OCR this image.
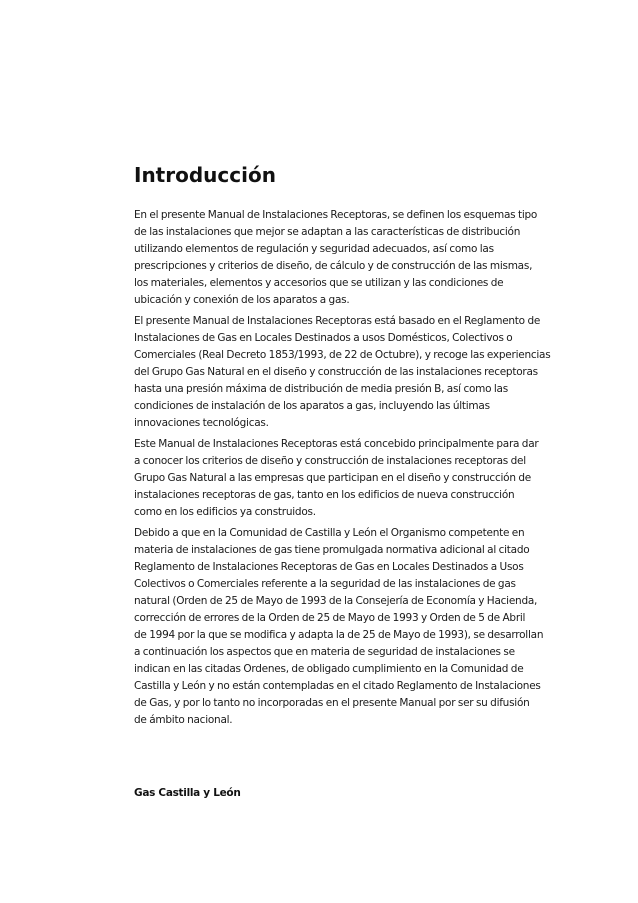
Introducción

En el presente Manual de Instalaciones Receptoras, se definen los esquemas tipo
de las instalaciones que mejor se adaptan a las características de distribución
utilizando elementos de regulación y seguridad adecuados, así como las
prescripciones y criterios de diseño, de cálculo y de construcción de las mismas,
los materiales, elementos y accesorios que se utilizan y las condiciones de
ubicación y conexión de los aparatos a gas.

El presente Manual de Instalaciones Receptoras está basado en el Reglamento de
Instalaciones de Gas en Locales Destinados a usos Domésticos, Colectivos o
Comerciales (Real Decreto 1853/1993, de 22 de Octubre), y recoge las experiencias
del Grupo Gas Natural en el diseño y construcción de las instalaciones receptoras
hasta una presión máxima de distribución de media presión B, así como las
condiciones de instalación de los aparatos a gas, incluyendo las últimas
innovaciones tecnológicas.

Este Manual de Instalaciones Receptoras está concebido principalmente para dar
a conocer los criterios de diseño y construcción de instalaciones receptoras del
Grupo Gas Natural a las empresas que participan en el diseño y construcción de
instalaciones receptoras de gas, tanto en los edificios de nueva construcción
como en los edificios ya construidos.

Debido a que en la Comunidad de Castilla y León el Organismo competente en
materia de instalaciones de gas tiene promulgada normativa adicional al citado
Reglamento de Instalaciones Receptoras de Gas en Locales Destinados a Usos
Colectivos o Comerciales referente a la seguridad de las instalaciones de gas
natural (Orden de 25 de Mayo de 1993 de la Consejería de Economía y Hacienda,
corrección de errores de la Orden de 25 de Mayo de 1993 y Orden de 5 de Abril
de 1994 por la que se modifica y adapta la de 25 de Mayo de 1993), se desarrollan
a continuación los aspectos que en materia de seguridad de instalaciones se
indican en las citadas Ordenes, de obligado cumplimiento en la Comunidad de
Castilla y León y no están contempladas en el citado Reglamento de Instalaciones
de Gas, y por lo tanto no incorporadas en el presente Manual por ser su difusión
de ámbito nacional.

Gas Castilla y León
